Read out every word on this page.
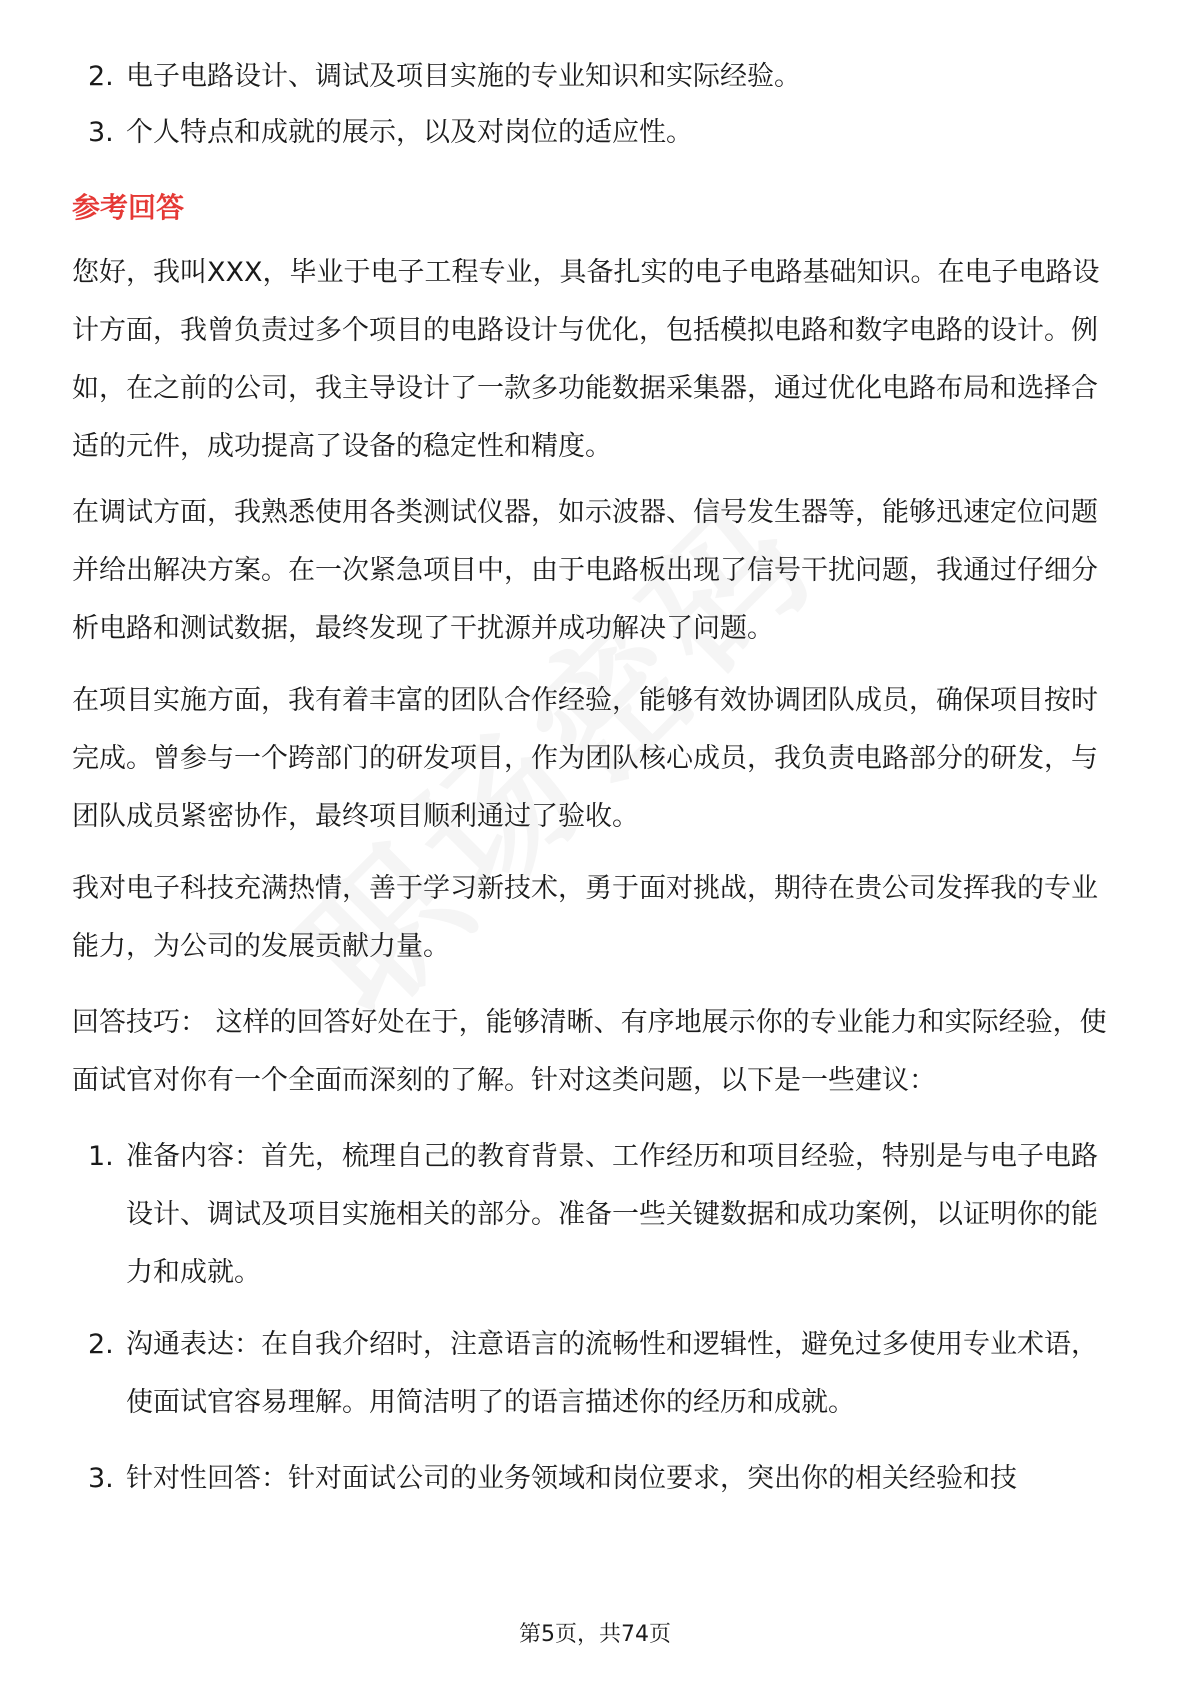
2. 电子电路设计、调试及项目实施的专业知识和实际经验。
3. 个人特点和成就的展示，以及对岗位的适应性。
参考回答
您好，我叫XXX，毕业于电子工程专业，具备扎实的电子电路基础知识。在电子电路设计方面，我曾负责过多个项目的电路设计与优化，包括模拟电路和数字电路的设计。例如，在之前的公司，我主导设计了一款多功能数据采集器，通过优化电路布局和选择合适的元件，成功提高了设备的稳定性和精度。
在调试方面，我熟悉使用各类测试仪器，如示波器、信号发生器等，能够迅速定位问题并给出解决方案。在一次紧急项目中，由于电路板出现了信号干扰问题，我通过仔细分析电路和测试数据，最终发现了干扰源并成功解决了问题。
在项目实施方面，我有着丰富的团队合作经验，能够有效协调团队成员，确保项目按时完成。曾参与一个跨部门的研发项目，作为团队核心成员，我负责电路部分的研发，与团队成员紧密协作，最终项目顺利通过了验收。
我对电子科技充满热情，善于学习新技术，勇于面对挑战，期待在贵公司发挥我的专业能力，为公司的发展贡献力量。
回答技巧： 这样的回答好处在于，能够清晰、有序地展示你的专业能力和实际经验，使面试官对你有一个全面而深刻的了解。针对这类问题，以下是一些建议：
1. 准备内容：首先，梳理自己的教育背景、工作经历和项目经验，特别是与电子电路设计、调试及项目实施相关的部分。准备一些关键数据和成功案例，以证明你的能力和成就。
2. 沟通表达：在自我介绍时，注意语言的流畅性和逻辑性，避免过多使用专业术语，使面试官容易理解。用简洁明了的语言描述你的经历和成就。
3. 针对性回答：针对面试公司的业务领域和岗位要求，突出你的相关经验和技
第5页，共74页
